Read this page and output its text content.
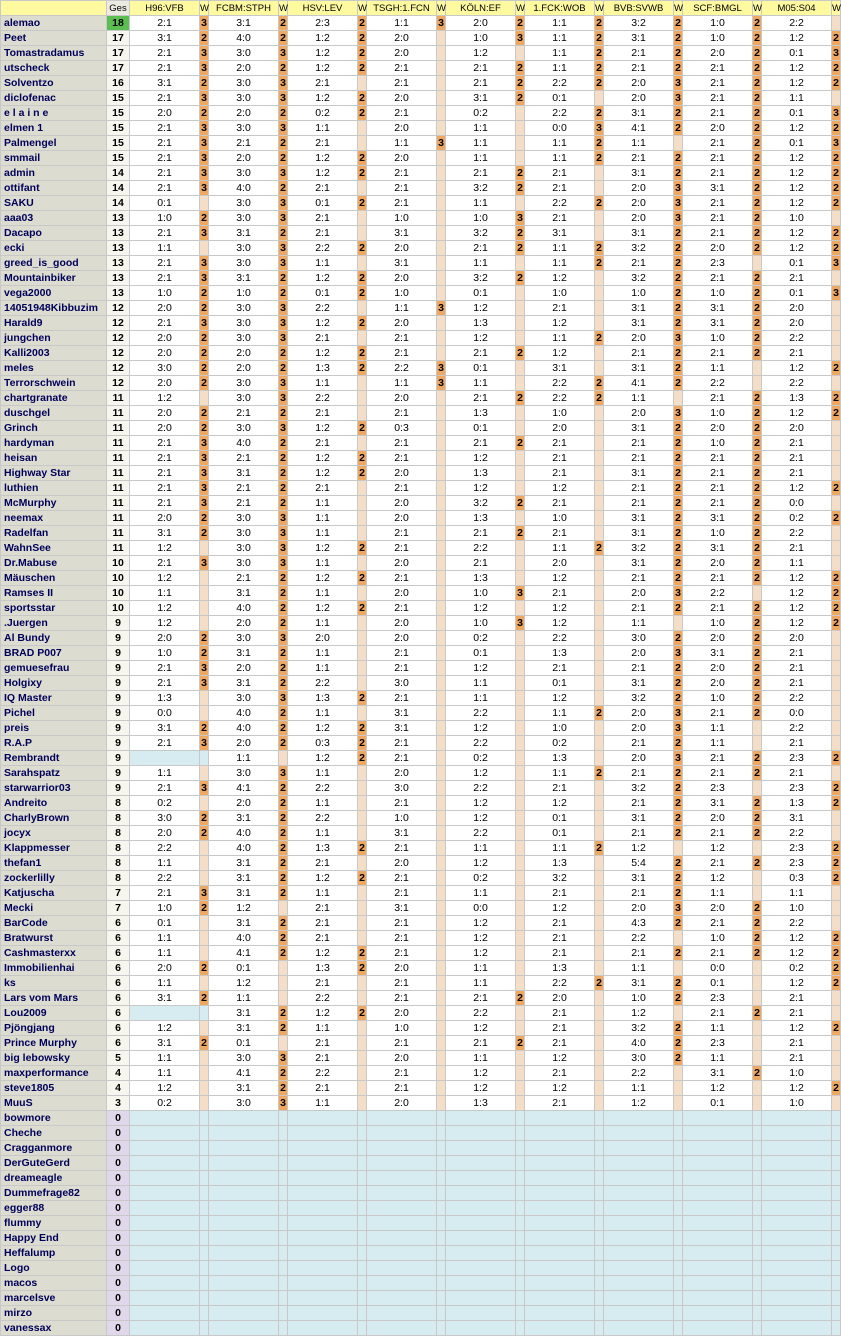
	Ges	H96:VFB	W	FCBM:STPH	W	HSV:LEV	W	TSGH:1.FCN	W	KÖLN:EF	W	1.FCK:WOB	W	BVB:SVWB	W	SCF:BMGL	W	M05:S04	W
alemao	18	2:1	3	3:1	2	2:3	2	1:1	3	2:0	2	1:1	2	3:2	2	1:0	2	2:2	
Peet	17	3:1	2	4:0	2	1:2	2	2:0		1:0	3	1:1	2	3:1	2	1:0	2	1:2	2
Tomastradamus	17	2:1	3	3:0	3	1:2	2	2:0		1:2		1:1	2	2:1	2	2:0	2	0:1	3
utscheck	17	2:1	3	2:0	2	1:2	2	2:1		2:1	2	1:1	2	2:1	2	2:1	2	1:2	2
Solventzo	16	3:1	2	3:0	3	2:1		2:1		2:1	2	2:2	2	2:0	3	2:1	2	1:2	2
diclofenac	15	2:1	3	3:0	3	1:2	2	2:0		3:1	2	0:1		2:0	3	2:1	2	1:1	
e l a i n e	15	2:0	2	2:0	2	0:2	2	2:1		0:2		2:2	2	3:1	2	2:1	2	0:1	3
elmen 1	15	2:1	3	3:0	3	1:1		2:0		1:1		0:0	3	4:1	2	2:0	2	1:2	2
Palmengel	15	2:1	3	2:1	2	2:1		1:1	3	1:1		1:1	2	1:1		2:1	2	0:1	3
smmail	15	2:1	3	2:0	2	1:2	2	2:0		1:1		1:1	2	2:1	2	2:1	2	1:2	2
admin	14	2:1	3	3:0	3	1:2	2	2:1		2:1	2	2:1		3:1	2	2:1	2	1:2	2
ottifant	14	2:1	3	4:0	2	2:1		2:1		3:2	2	2:1		2:0	3	3:1	2	1:2	2
SAKU	14	0:1		3:0	3	0:1	2	2:1		1:1		2:2	2	2:0	3	2:1	2	1:2	2
aaa03	13	1:0	2	3:0	3	2:1		1:0		1:0	3	2:1		2:0	3	2:1	2	1:0	
Dacapo	13	2:1	3	3:1	2	2:1		3:1		3:2	2	3:1		3:1	2	2:1	2	1:2	2
ecki	13	1:1		3:0	3	2:2	2	2:0		2:1	2	1:1	2	3:2	2	2:0	2	1:2	2
greed_is_good	13	2:1	3	3:0	3	1:1		3:1		1:1		1:1	2	2:1	2	2:3		0:1	3
Mountainbiker	13	2:1	3	3:1	2	1:2	2	2:0		3:2	2	1:2		3:2	2	2:1	2	2:1	
vega2000	13	1:0	2	1:0	2	0:1	2	1:0		0:1		1:0		1:0	2	1:0	2	0:1	3
14051948Kibbuzim	12	2:0	2	3:0	3	2:2		1:1	3	1:2		2:1		3:1	2	3:1	2	2:0	
Harald9	12	2:1	3	3:0	3	1:2	2	2:0		1:3		1:2		3:1	2	3:1	2	2:0	
jungchen	12	2:0	2	3:0	3	2:1		2:1		1:2		1:1	2	2:0	3	1:0	2	2:2	
Kalli2003	12	2:0	2	2:0	2	1:2	2	2:1		2:1	2	1:2		2:1	2	2:1	2	2:1	
meles	12	3:0	2	2:0	2	1:3	2	2:2	3	0:1		3:1		3:1	2	1:1		1:2	2
Terrorschwein	12	2:0	2	3:0	3	1:1		1:1	3	1:1		2:2	2	4:1	2	2:2		2:2	
chartgranate	11	1:2		3:0	3	2:2		2:0		2:1	2	2:2	2	1:1		2:1	2	1:3	2
duschgel	11	2:0	2	2:1	2	2:1		2:1		1:3		1:0		2:0	3	1:0	2	1:2	2
Grinch	11	2:0	2	3:0	3	1:2	2	0:3		0:1		2:0		3:1	2	2:0	2	2:0	
hardyman	11	2:1	3	4:0	2	2:1		2:1		2:1	2	2:1		2:1	2	1:0	2	2:1	
heisan	11	2:1	3	2:1	2	1:2	2	2:1		1:2		2:1		2:1	2	2:1	2	2:1	
Highway Star	11	2:1	3	3:1	2	1:2	2	2:0		1:3		2:1		3:1	2	2:1	2	2:1	
luthien	11	2:1	3	2:1	2	2:1		2:1		1:2		1:2		2:1	2	2:1	2	1:2	2
McMurphy	11	2:1	3	2:1	2	1:1		2:0		3:2	2	2:1		2:1	2	2:1	2	0:0	
neemax	11	2:0	2	3:0	3	1:1		2:0		1:3		1:0		3:1	2	3:1	2	0:2	2
Radelfan	11	3:1	2	3:0	3	1:1		2:1		2:1	2	2:1		3:1	2	1:0	2	2:2	
WahnSee	11	1:2		3:0	3	1:2	2	2:1		2:2		1:1	2	3:2	2	3:1	2	2:1	
Dr.Mabuse	10	2:1	3	3:0	3	1:1		2:0		2:1		2:0		3:1	2	2:0	2	1:1	
Mäuschen	10	1:2		2:1	2	1:2	2	2:1		1:3		1:2		2:1	2	2:1	2	1:2	2
Ramses II	10	1:1		3:1	2	1:1		2:0		1:0	3	2:1		2:0	3	2:2		1:2	2
sportsstar	10	1:2		4:0	2	1:2	2	2:1		1:2		1:2		2:1	2	2:1	2	1:2	2
.Juergen	9	1:2		2:0	2	1:1		2:0		1:0	3	1:2		1:1		1:0	2	1:2	2
Al Bundy	9	2:0	2	3:0	3	2:0		2:0		0:2		2:2		3:0	2	2:0	2	2:0	
BRAD P007	9	1:0	2	3:1	2	1:1		2:1		0:1		1:3		2:0	3	3:1	2	2:1	
gemuesefrau	9	2:1	3	2:0	2	1:1		2:1		1:2		2:1		2:1	2	2:0	2	2:1	
Holgixy	9	2:1	3	3:1	2	2:2		3:0		1:1		0:1		3:1	2	2:0	2	2:1	
IQ Master	9	1:3		3:0	3	1:3	2	2:1		1:1		1:2		3:2	2	1:0	2	2:2	
Pichel	9	0:0		4:0	2	1:1		3:1		2:2		1:1	2	2:0	3	2:1	2	0:0	
preis	9	3:1	2	4:0	2	1:2	2	3:1		1:2		1:0		2:0	3	1:1		2:2	
R.A.P	9	2:1	3	2:0	2	0:3	2	2:1		2:2		0:2		2:1	2	1:1		2:1	
Rembrandt	9			1:1		1:2	2	2:1		0:2		1:3		2:0	3	2:1	2	2:3	2
Sarahspatz	9	1:1		3:0	3	1:1		2:0		1:2		1:1	2	2:1	2	2:1	2	2:1	
starwarrior03	9	2:1	3	4:1	2	2:2		3:0		2:2		2:1		3:2	2	2:3		2:3	2
Andreito	8	0:2		2:0	2	1:1		2:1		1:2		1:2		2:1	2	3:1	2	1:3	2
CharlyBrown	8	3:0	2	3:1	2	2:2		1:0		1:2		0:1		3:1	2	2:0	2	3:1	
jocyx	8	2:0	2	4:0	2	1:1		3:1		2:2		0:1		2:1	2	2:1	2	2:2	
Klappmesser	8	2:2		4:0	2	1:3	2	2:1		1:1		1:1	2	1:2		1:2		2:3	2
thefan1	8	1:1		3:1	2	2:1		2:0		1:2		1:3		5:4	2	2:1	2	2:3	2
zockerlilly	8	2:2		3:1	2	1:2	2	2:1		0:2		3:2		3:1	2	1:2		0:3	2
Katjuscha	7	2:1	3	3:1	2	1:1		2:1		1:1		2:1		2:1	2	1:1		1:1	
Mecki	7	1:0	2	1:2		2:1		3:1		0:0		1:2		2:0	3	2:0	2	1:0	
BarCode	6	0:1		3:1	2	2:1		2:1		1:2		2:1		4:3	2	2:1	2	2:2	
Bratwurst	6	1:1		4:0	2	2:1		2:1		1:2		2:1		2:2		1:0	2	1:2	2
Cashmasterxx	6	1:1		4:1	2	1:2	2	2:1		1:2		2:1		2:1	2	2:1	2	1:2	2
Immobilienhai	6	2:0	2	0:1		1:3	2	2:0		1:1		1:3		1:1		0:0		0:2	2
ks	6	1:1		1:2		2:1		2:1		1:1		2:2	2	3:1	2	0:1		1:2	2
Lars vom Mars	6	3:1	2	1:1		2:2		2:1		2:1	2	2:0		1:0	2	2:3		2:1	
Lou2009	6			3:1	2	1:2	2	2:0		2:2		2:1		1:2		2:1	2	2:1	
Pjöngjang	6	1:2		3:1	2	1:1		1:0		1:2		2:1		3:2	2	1:1		1:2	2
Prince Murphy	6	3:1	2	0:1		2:1		2:1		2:1	2	2:1		4:0	2	2:3		2:1	
big lebowsky	5	1:1		3:0	3	2:1		2:0		1:1		1:2		3:0	2	1:1		2:1	
maxperformance	4	1:1		4:1	2	2:2		2:1		1:2		2:1		2:2		3:1	2	1:0	
steve1805	4	1:2		3:1	2	2:1		2:1		1:2		1:2		1:1		1:2		1:2	2
MuuS	3	0:2		3:0	3	1:1		2:0		1:3		2:1		1:2		0:1		1:0	
bowmore	0																		
Cheche	0																		
Cragganmore	0																		
DerGuteGerd	0																		
dreameagle	0																		
Dummefrage82	0																		
egger88	0																		
flummy	0																		
Happy End	0																		
Heffalump	0																		
Logo	0																		
macos	0																		
marcelsve	0																		
mirzo	0																		
vanessax	0																		
